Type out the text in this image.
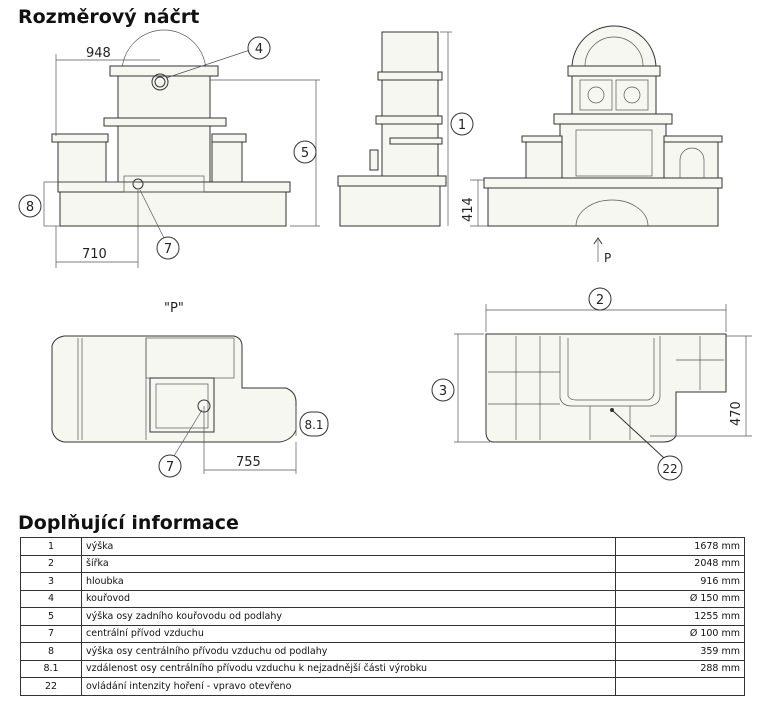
Rozměrový náčrt
948
710
414
P
"P"
755
470
4
5
8
7
1
2
3
8.1
7	22
Doplňující informace
1	výška	1678 mm
2	šířka	2048 mm
3	hloubka	916 mm
4	kouřovod	Ø 150 mm
5	výška osy zadního kouřovodu od podlahy	1255 mm
7	centrální přívod vzduchu	Ø 100 mm
8	výška osy centrálního přívodu vzduchu od podlahy	359 mm
8.1	vzdálenost osy centrálního přívodu vzduchu k nejzadnější části výrobku	288 mm
22	ovládání intenzity hoření - vpravo otevřeno	
